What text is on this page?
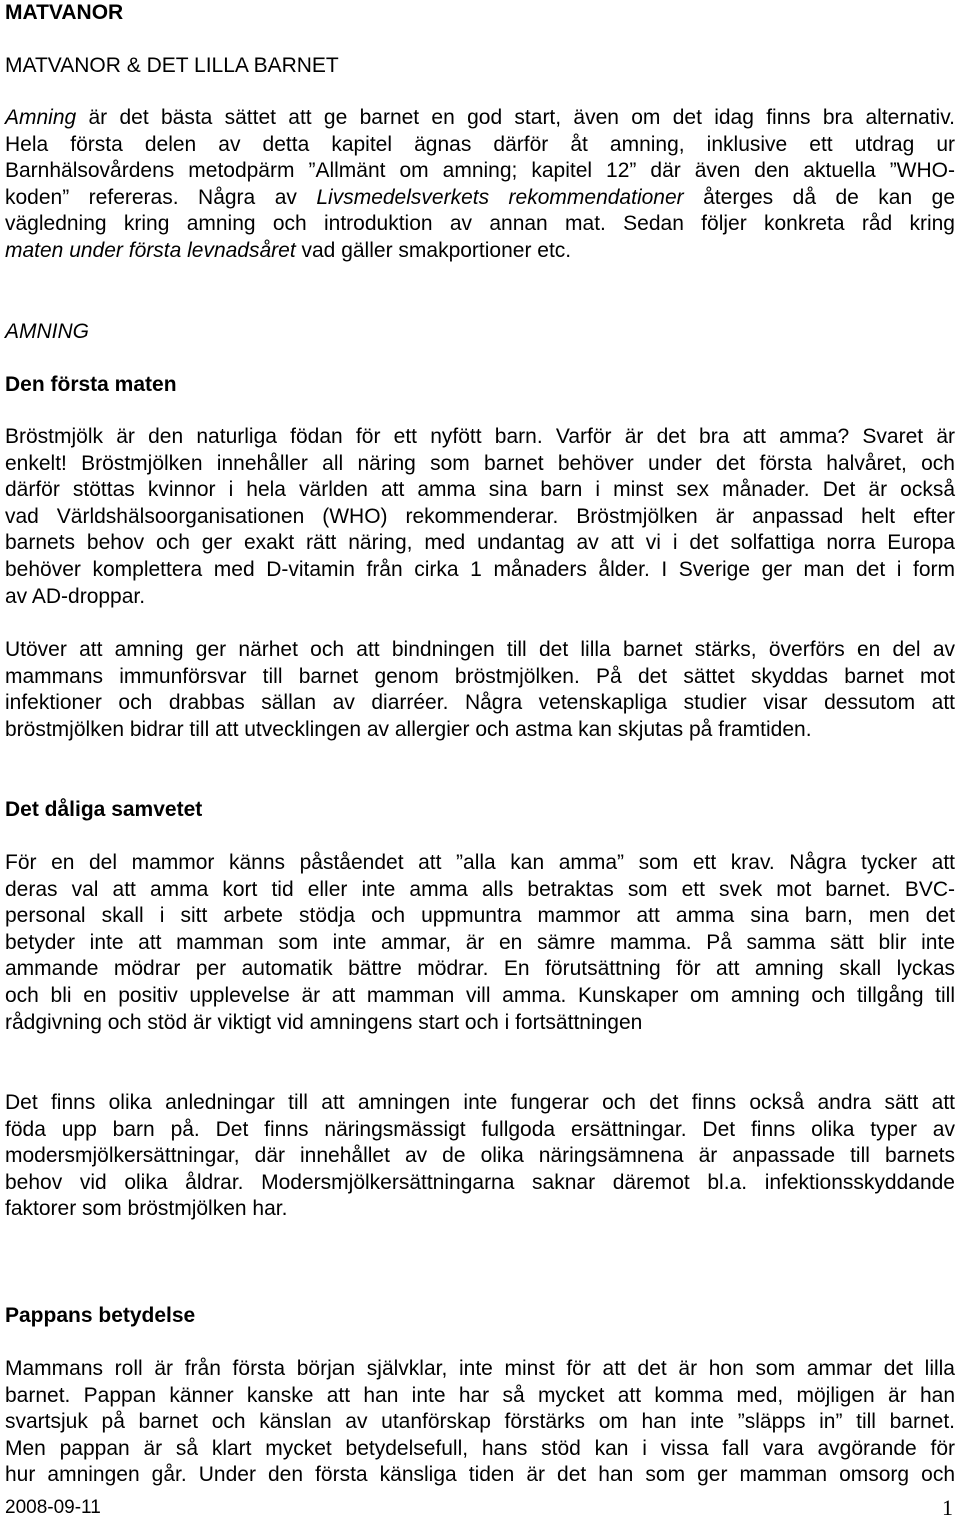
MATVANOR
MATVANOR & DET LILLA BARNET
Amning är det bästa sättet att ge barnet en god start, även om det idag finns bra alternativ.
Hela första delen av detta kapitel ägnas därför åt amning, inklusive ett utdrag ur
Barnhälsovårdens metodpärm ”Allmänt om amning; kapitel 12” där även den aktuella ”WHO-
koden” refereras. Några av Livsmedelsverkets rekommendationer återges då de kan ge
vägledning kring amning och introduktion av annan mat. Sedan följer konkreta råd kring
maten under första levnadsåret vad gäller smakportioner etc.
AMNING
Den första maten
Bröstmjölk är den naturliga födan för ett nyfött barn. Varför är det bra att amma? Svaret är
enkelt! Bröstmjölken innehåller all näring som barnet behöver under det första halvåret, och
därför stöttas kvinnor i hela världen att amma sina barn i minst sex månader. Det är också
vad Världshälsoorganisationen (WHO) rekommenderar. Bröstmjölken är anpassad helt efter
barnets behov och ger exakt rätt näring, med undantag av att vi i det solfattiga norra Europa
behöver komplettera med D-vitamin från cirka 1 månaders ålder. I Sverige ger man det i form
av AD-droppar.
Utöver att amning ger närhet och att bindningen till det lilla barnet stärks, överförs en del av
mammans immunförsvar till barnet genom bröstmjölken. På det sättet skyddas barnet mot
infektioner och drabbas sällan av diarréer. Några vetenskapliga studier visar dessutom att
bröstmjölken bidrar till att utvecklingen av allergier och astma kan skjutas på framtiden.
Det dåliga samvetet
För en del mammor känns påståendet att ”alla kan amma” som ett krav. Några tycker att
deras val att amma kort tid eller inte amma alls betraktas som ett svek mot barnet. BVC-
personal skall i sitt arbete stödja och uppmuntra mammor att amma sina barn, men det
betyder inte att mamman som inte ammar, är en sämre mamma. På samma sätt blir inte
ammande mödrar per automatik bättre mödrar. En förutsättning för att amning skall lyckas
och bli en positiv upplevelse är att mamman vill amma. Kunskaper om amning och tillgång till
rådgivning och stöd är viktigt vid amningens start och i fortsättningen
Det finns olika anledningar till att amningen inte fungerar och det finns också andra sätt att
föda upp barn på. Det finns näringsmässigt fullgoda ersättningar. Det finns olika typer av
modersmjölkersättningar, där innehållet av de olika näringsämnena är anpassade till barnets
behov vid olika åldrar. Modersmjölkersättningarna saknar däremot bl.a. infektionsskyddande
faktorer som bröstmjölken har.
Pappans betydelse
Mammans roll är från första början självklar, inte minst för att det är hon som ammar det lilla
barnet. Pappan känner kanske att han inte har så mycket att komma med, möjligen är han
svartsjuk på barnet och känslan av utanförskap förstärks om han inte ”släpps in” till barnet.
Men pappan är så klart mycket betydelsefull, hans stöd kan i vissa fall vara avgörande för
hur amningen går. Under den första känsliga tiden är det han som ger mamman omsorg och
2008-09-11	1
